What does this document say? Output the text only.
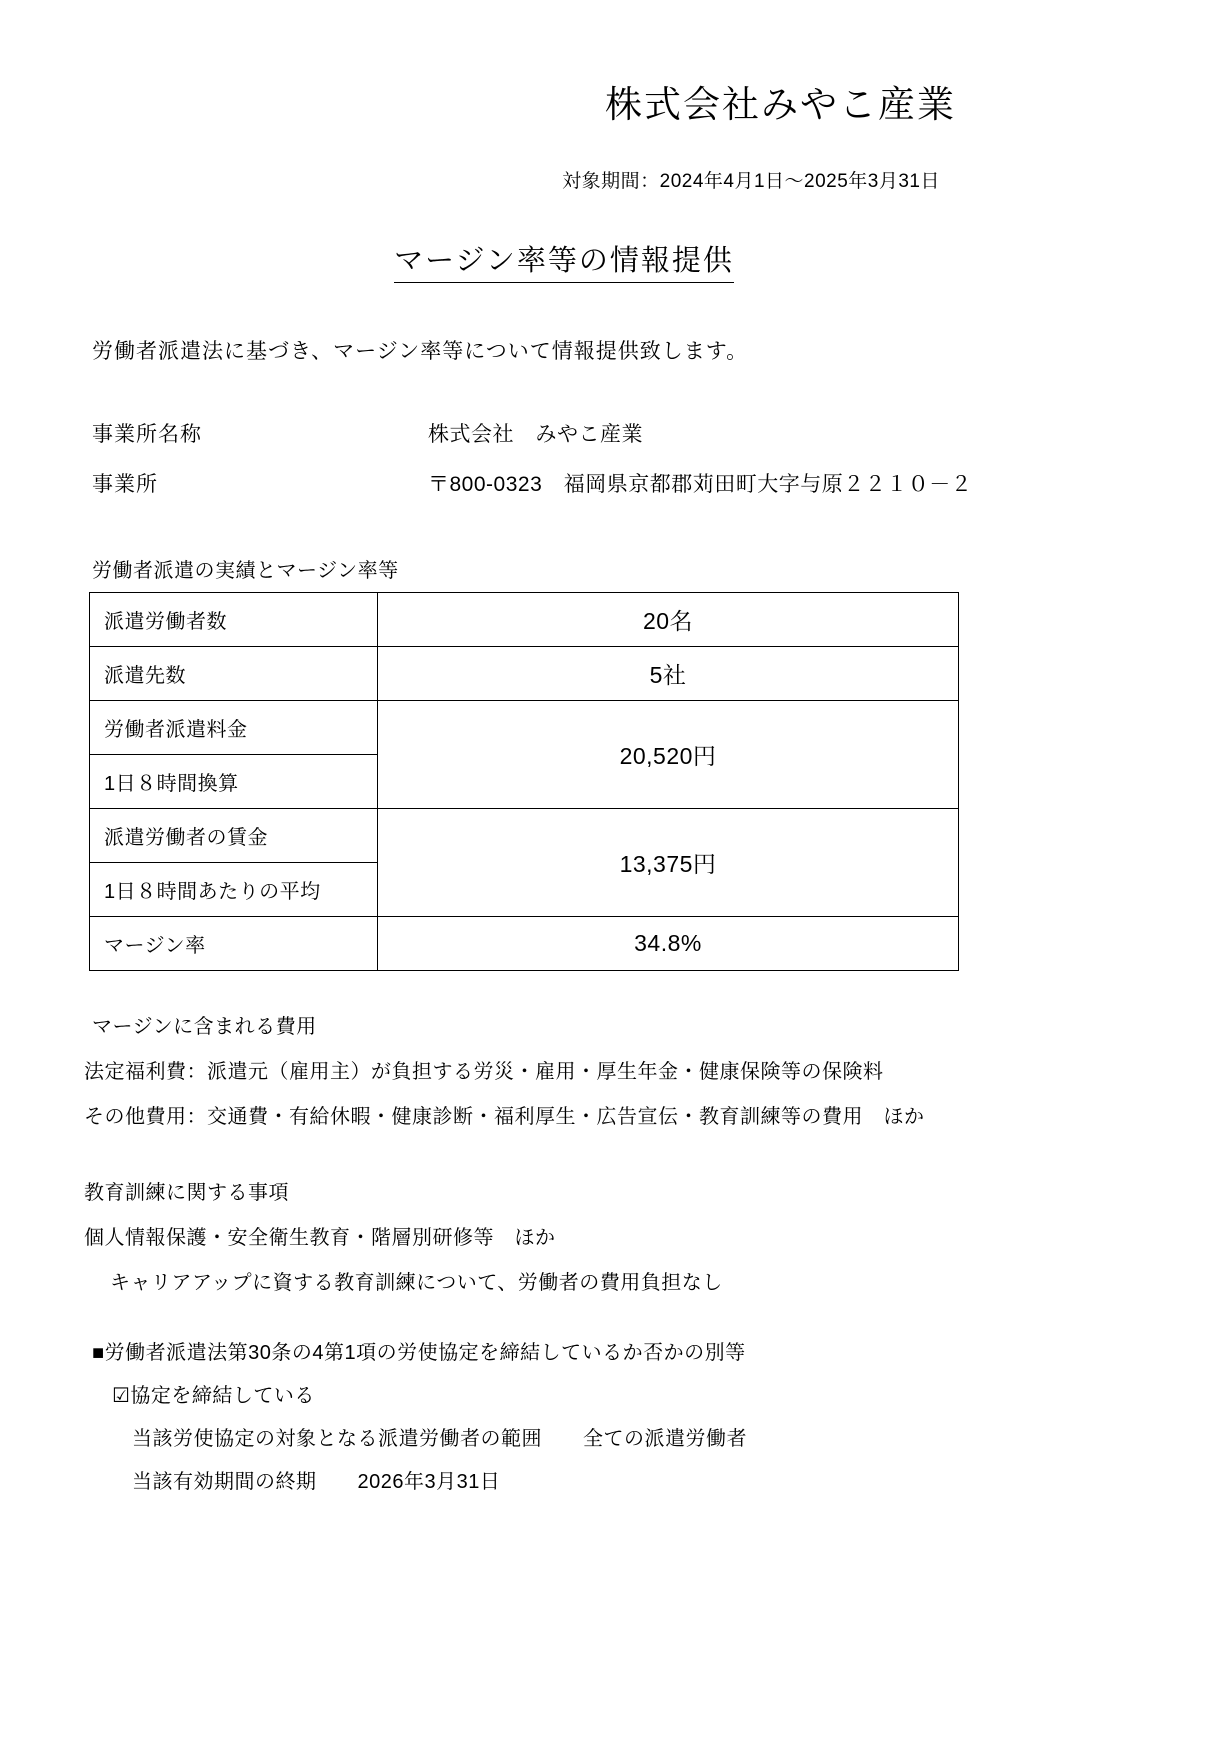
株式会社みやこ産業
対象期間：2024年4月1日～2025年3月31日
マージン率等の情報提供
労働者派遣法に基づき、マージン率等について情報提供致します。
事業所名称	株式会社　みやこ産業
事業所	〒800-0323　福岡県京都郡苅田町大字与原２２１０－２
労働者派遣の実績とマージン率等
派遣労働者数	20名
派遣先数	5社
労働者派遣料金	20,520円
1日８時間換算	
派遣労働者の賃金	13,375円
1日８時間あたりの平均	
マージン率	34.8%
マージンに含まれる費用
法定福利費：派遣元（雇用主）が負担する労災・雇用・厚生年金・健康保険等の保険料
その他費用：交通費・有給休暇・健康診断・福利厚生・広告宣伝・教育訓練等の費用　ほか
教育訓練に関する事項
個人情報保護・安全衛生教育・階層別研修等　ほか
キャリアアップに資する教育訓練について、労働者の費用負担なし
■労働者派遣法第30条の4第1項の労使協定を締結しているか否かの別等
☑協定を締結している
当該労使協定の対象となる派遣労働者の範囲　　 全ての派遣労働者
当該有効期間の終期　　 2026年3月31日
